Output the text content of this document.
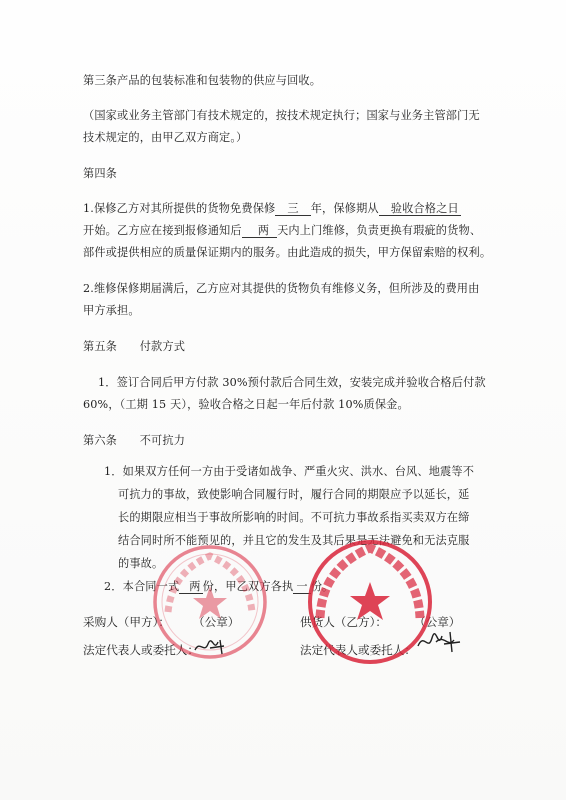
第三条产品的包装标准和包装物的供应与回收。
（国家或业务主管部门有技术规定的，按技术规定执行；国家与业务主管部门无
技术规定的，由甲乙双方商定。）
第四条
1.保修乙方对其所提供的货物免费保修 三 年，保修期从 验收合格之日
开始。乙方应在接到报修通知后 两 天内上门维修，负责更换有瑕疵的货物、
部件或提供相应的质量保证期内的服务。由此造成的损失，甲方保留索赔的权利。
2.维修保修期届满后，乙方应对其提供的货物负有维修义务，但所涉及的费用由
甲方承担。
第五条　　付款方式
1．签订合同后甲方付款 30%预付款后合同生效，安装完成并验收合格后付款
60%，（工期 15 天），验收合格之日起一年后付款 10%质保金。
第六条　　不可抗力
1．如果双方任何一方由于受诸如战争、严重火灾、洪水、台风、地震等不
可抗力的事故，致使影响合同履行时，履行合同的期限应予以延长，延
长的期限应相当于事故所影响的时间。不可抗力事故系指买卖双方在缔
结合同时所不能预见的，并且它的发生及其后果是无法避免和无法克服
的事故。
2．本合同一式 两 份，甲乙双方各执 一 份。
采购人（甲方）： （公章）	供货人（乙方）： （公章）
法定代表人或委托人：	法定代表人或委托人：
